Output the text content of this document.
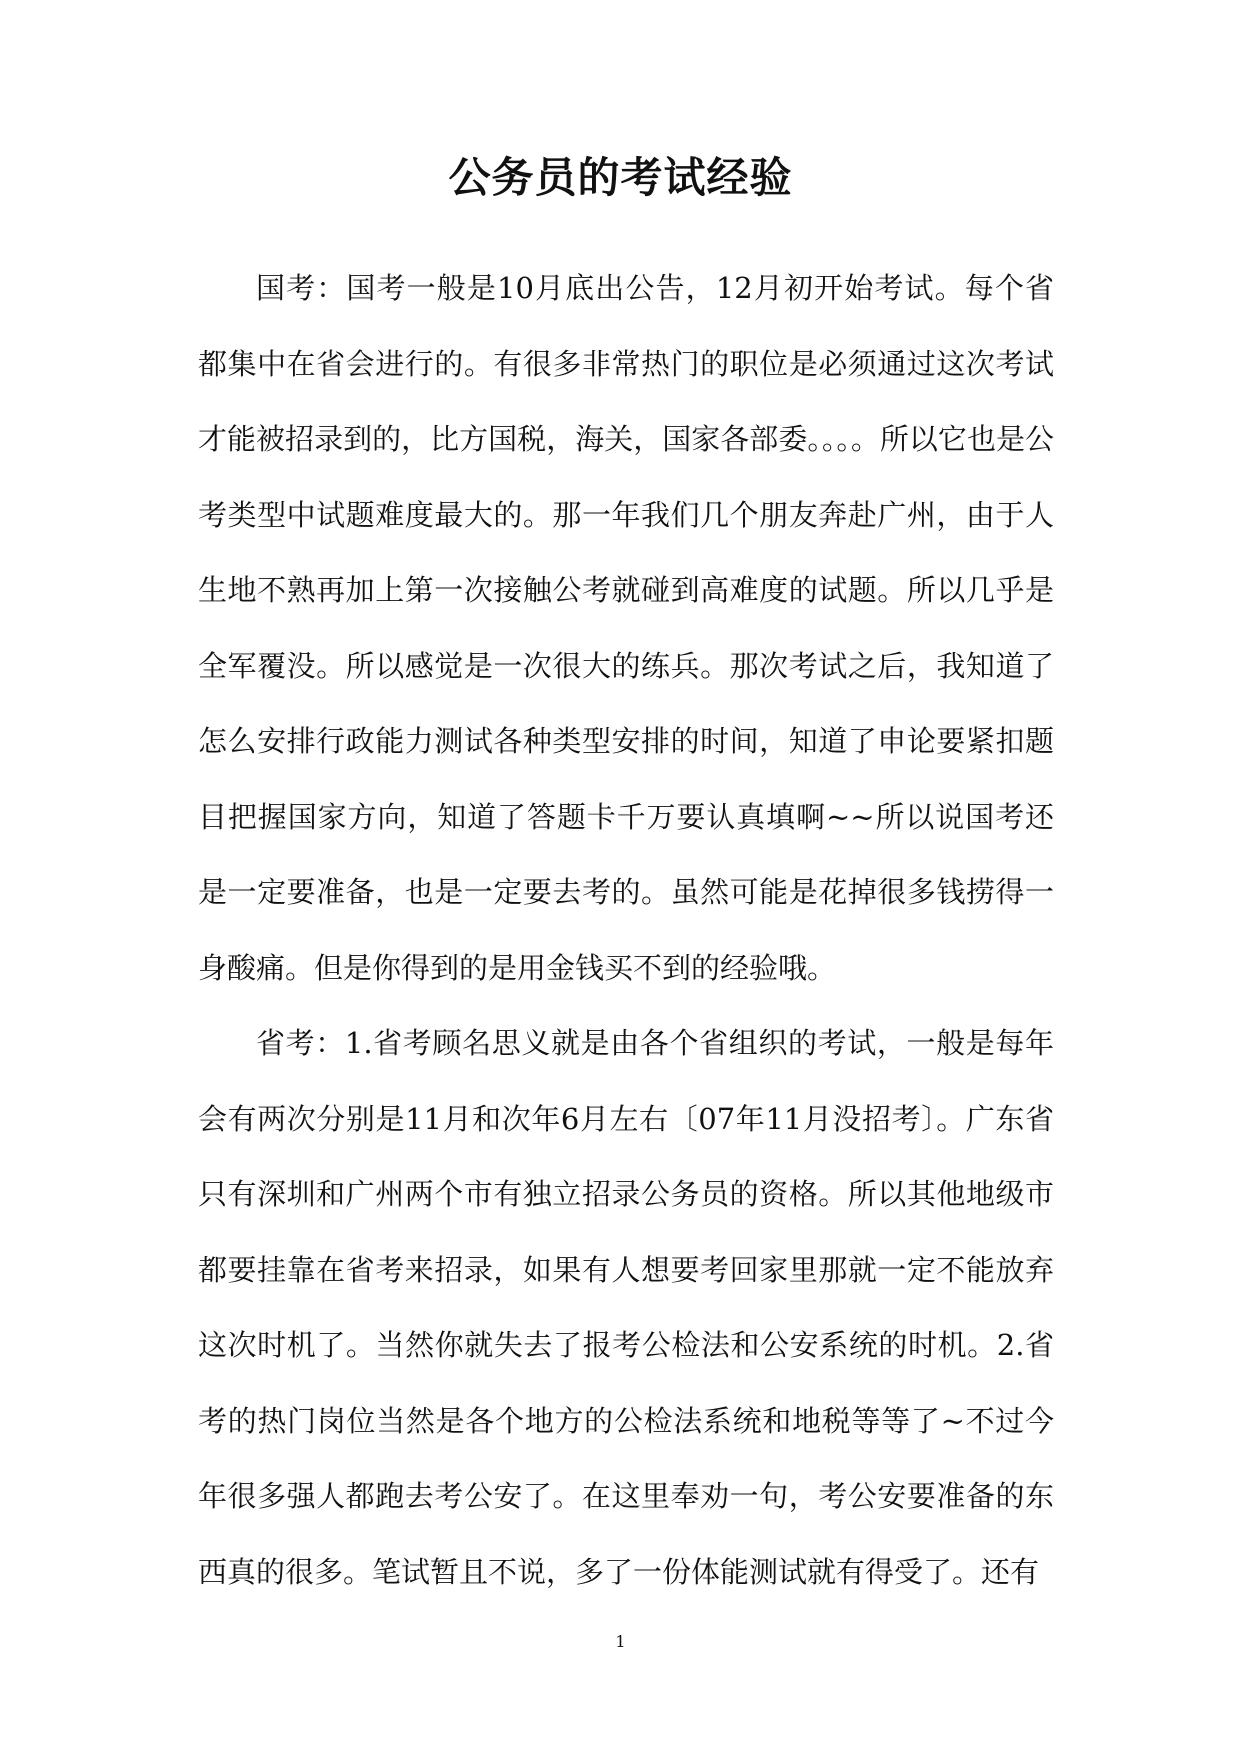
公务员的考试经验

国考：国考一般是10月底出公告，12月初开始考试。每个省都集中在省会进行的。有很多非常热门的职位是必须通过这次考试才能被招录到的，比方国税，海关，国家各部委。。。。所以它也是公考类型中试题难度最大的。那一年我们几个朋友奔赴广州，由于人生地不熟再加上第一次接触公考就碰到高难度的试题。所以几乎是全军覆没。所以感觉是一次很大的练兵。那次考试之后，我知道了怎么安排行政能力测试各种类型安排的时间，知道了申论要紧扣题目把握国家方向，知道了答题卡千万要认真填啊~~所以说国考还是一定要准备，也是一定要去考的。虽然可能是花掉很多钱捞得一身酸痛。但是你得到的是用金钱买不到的经验哦。

省考：1.省考顾名思义就是由各个省组织的考试，一般是每年会有两次分别是11月和次年6月左右〔07年11月没招考〕。广东省只有深圳和广州两个市有独立招录公务员的资格。所以其他地级市都要挂靠在省考来招录，如果有人想要考回家里那就一定不能放弃这次时机了。当然你就失去了报考公检法和公安系统的时机。2.省考的热门岗位当然是各个地方的公检法系统和地税等等了~不过今年很多强人都跑去考公安了。在这里奉劝一句，考公安要准备的东西真的很多。笔试暂且不说，多了一份体能测试就有得受了。还有

1
